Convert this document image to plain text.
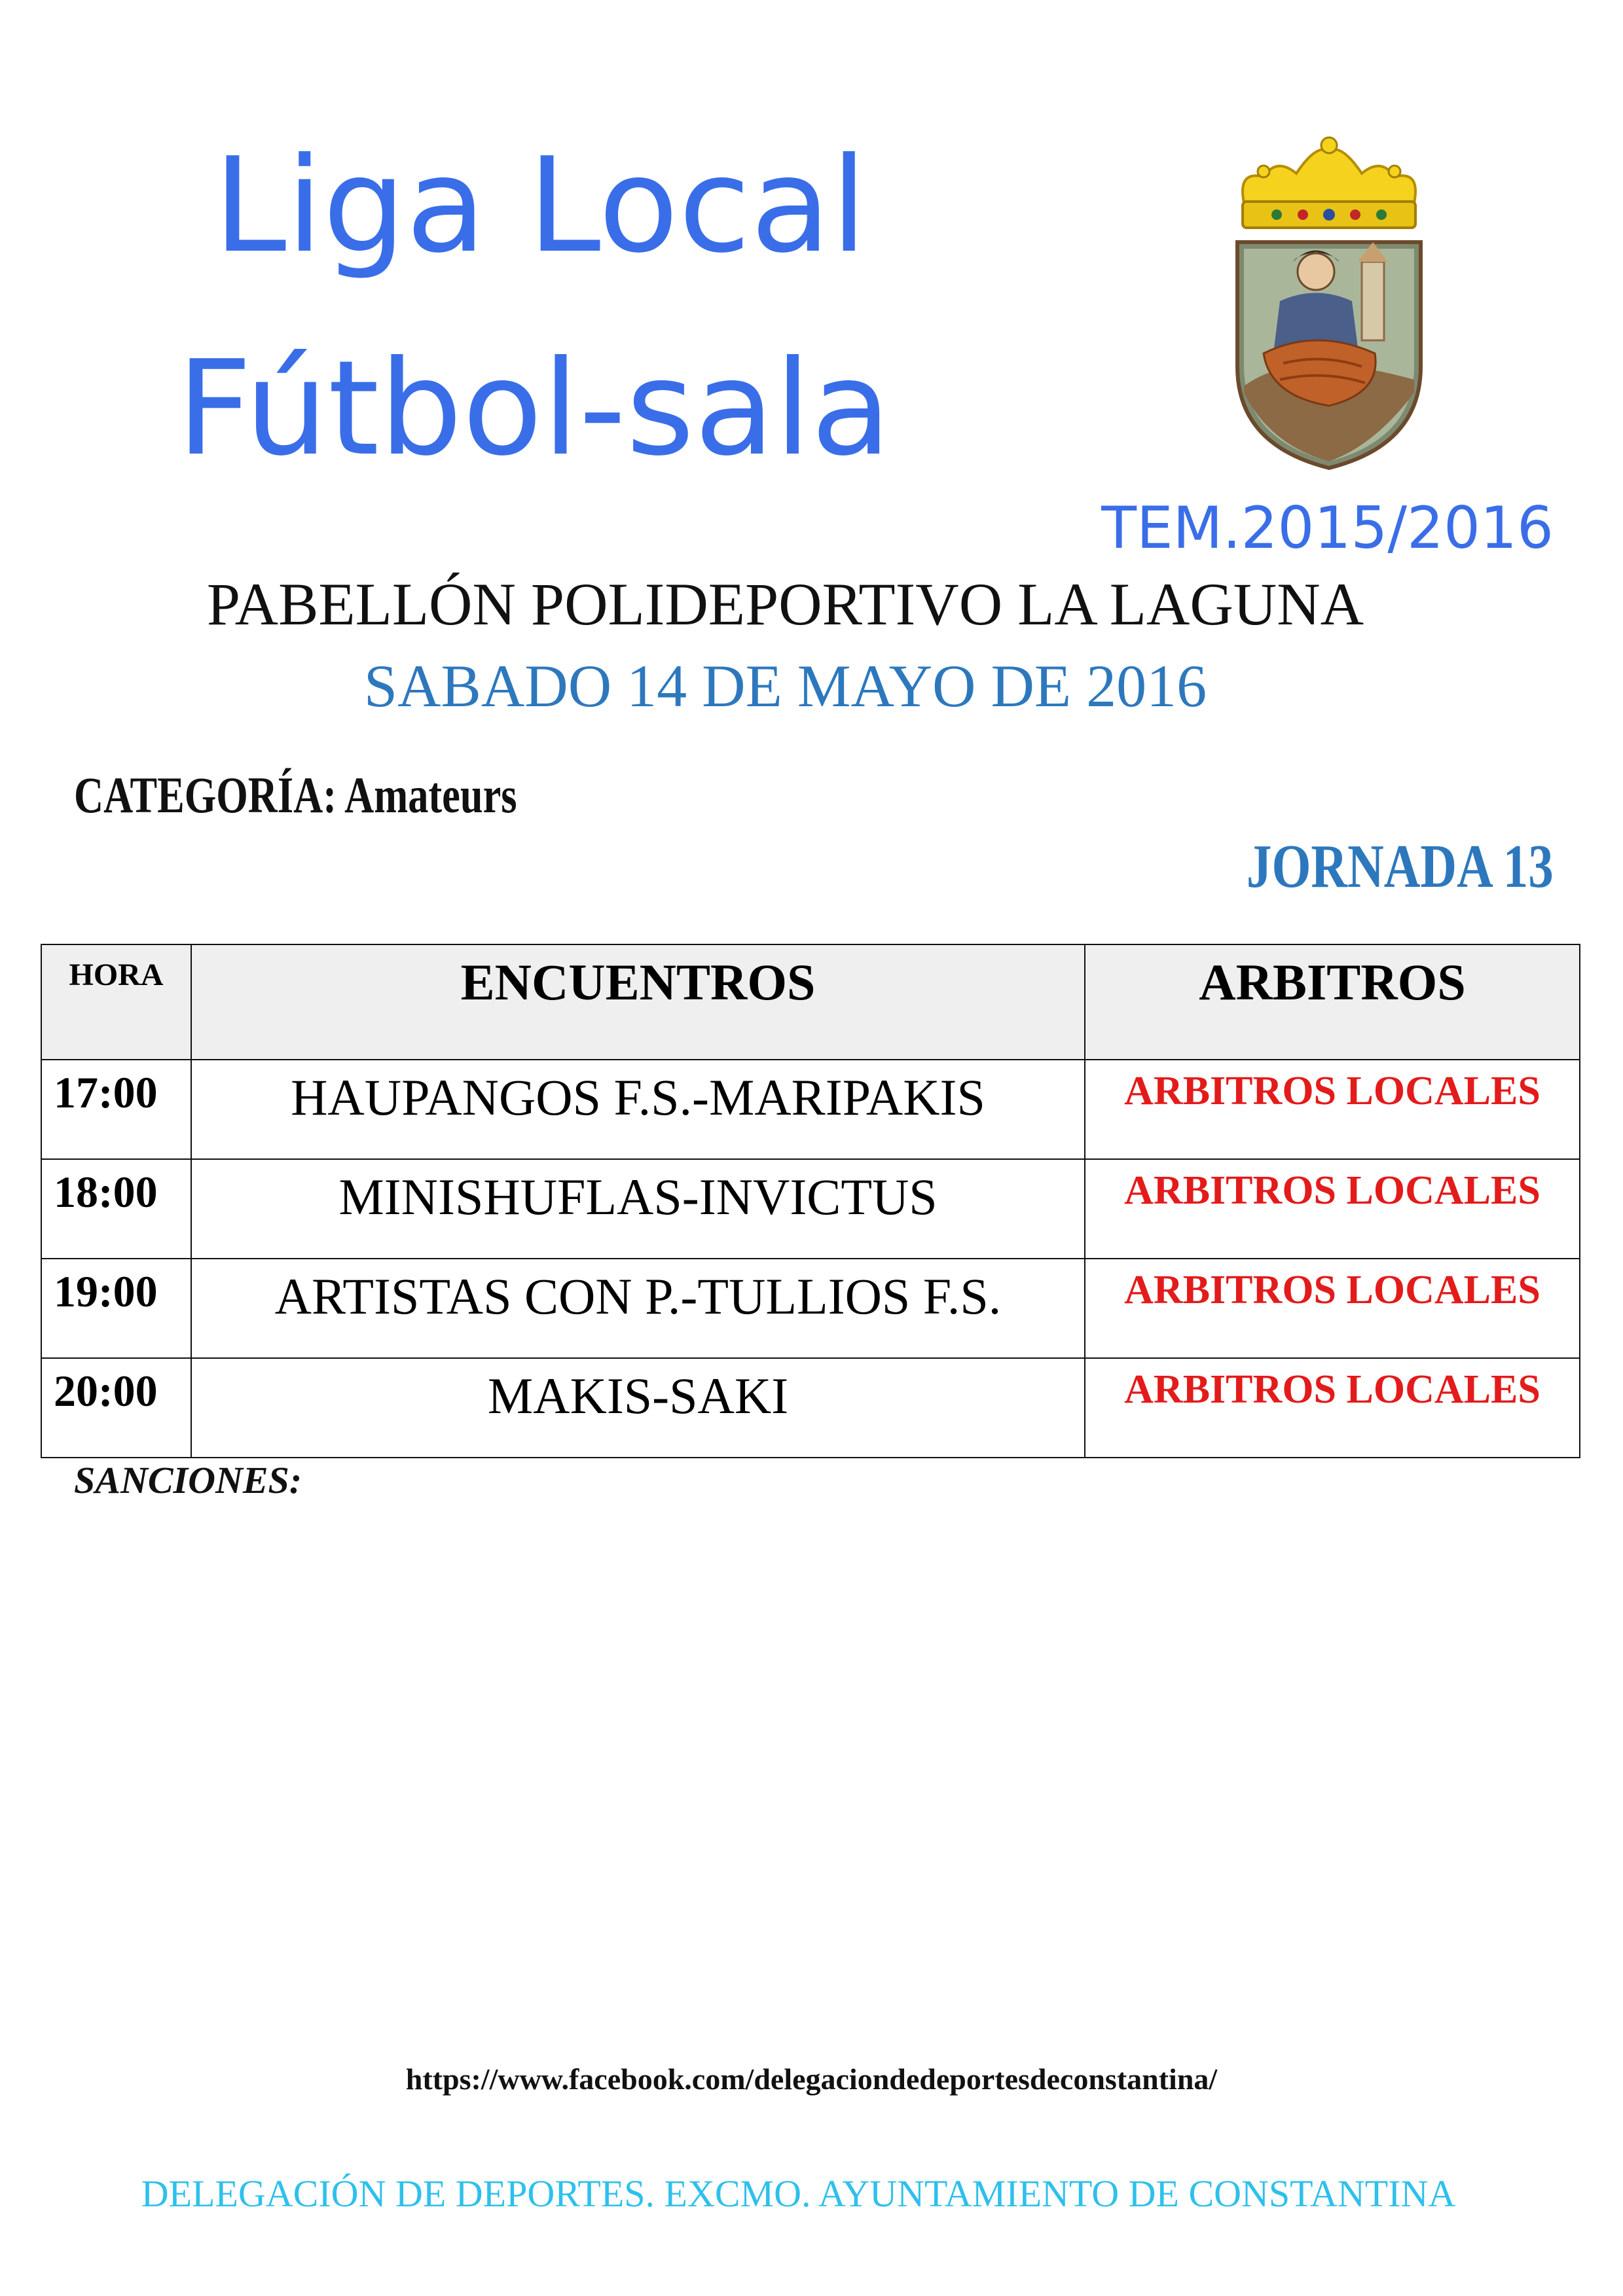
Liga Local
Fútbol-sala
TEM.2015/2016
PABELLÓN POLIDEPORTIVO LA LAGUNA
SABADO 14 DE MAYO DE 2016
CATEGORÍA: Amateurs
JORNADA 13
HORA	ENCUENTROS	ARBITROS
17:00	HAUPANGOS F.S.-MARIPAKIS	ARBITROS LOCALES
18:00	MINISHUFLAS-INVICTUS	ARBITROS LOCALES
19:00	ARTISTAS CON P.-TULLIOS F.S.	ARBITROS LOCALES
20:00	MAKIS-SAKI	ARBITROS LOCALES
SANCIONES:
https://www.facebook.com/delegaciondedeportesdeconstantina/
DELEGACIÓN DE DEPORTES. EXCMO. AYUNTAMIENTO DE CONSTANTINA
